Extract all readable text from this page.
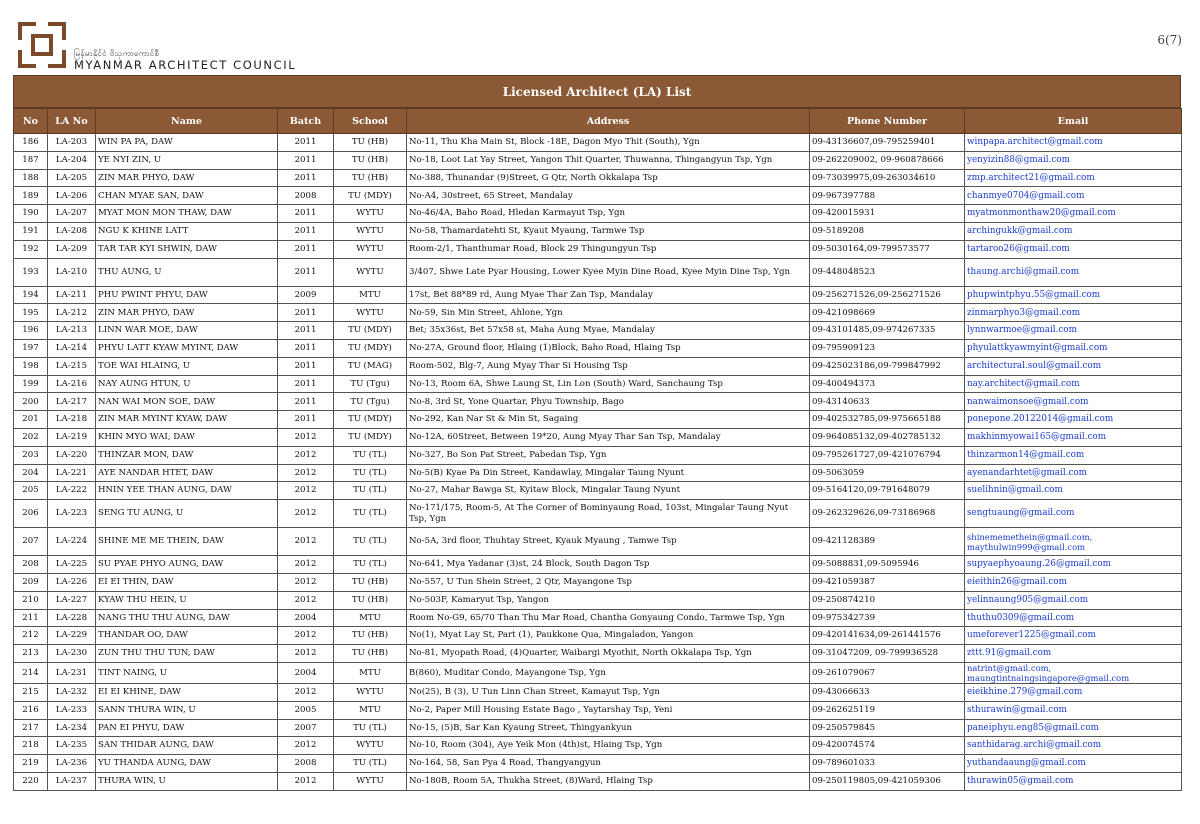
မြန်မာနိုင်ငံ ဗိသုကာကောင်စီ
MYANMAR ARCHITECT COUNCIL
6(7)
Licensed Architect (LA) List
No	LA No	Name	Batch	School	Address	Phone Number	Email
186	LA-203	WIN PA PA, DAW	2011	TU (HB)	No-11, Thu Kha Main St, Block -18E, Dagon Myo Thit (South), Ygn	09-43136607,09-795259401	winpapa.architect@gmail.com
187	LA-204	YE NYI ZIN, U	2011	TU (HB)	No-18, Loot Lat Yay Street, Yangon Thit Quarter, Thuwanna, Thingangyun Tsp, Ygn	09-262209002, 09-960878666	yenyizin88@gmail.com
188	LA-205	ZIN MAR PHYO, DAW	2011	TU (HB)	No-388, Thunandar (9)Street, G Qtr, North Okkalapa Tsp	09-73039975,09-263034610	zmp.architect21@gmail.com
189	LA-206	CHAN MYAE SAN, DAW	2008	TU (MDY)	No-A4, 30street, 65 Street, Mandalay	09-967397788	chanmye0704@gmail.com
190	LA-207	MYAT MON MON THAW, DAW	2011	WYTU	No-46/4A, Baho Road, Hledan Karmayut Tsp, Ygn	09-420015931	myatmonmonthaw20@gmail.com
191	LA-208	NGU K KHINE LATT	2011	WYTU	No-58, Thamardatehti St, Kyaut Myaung, Tarmwe Tsp	09-5189208	archingukk@gmail.com
192	LA-209	TAR TAR KYI SHWIN, DAW	2011	WYTU	Room-2/1, Thanthumar Road, Block 29 Thingungyun Tsp	09-5030164,09-799573577	tartaroo26@gmail.com
193	LA-210	THU AUNG, U	2011	WYTU	3/407, Shwe Late Pyar Housing, Lower Kyee Myin Dine Road, Kyee Myin Dine Tsp, Ygn	09-448048523	thaung.archi@gmail.com
194	LA-211	PHU PWINT PHYU, DAW	2009	MTU	17st, Bet 88*89 rd, Aung Myae Thar Zan Tsp, Mandalay	09-256271526,09-256271526	phupwintphyu.55@gmail.com
195	LA-212	ZIN MAR PHYO, DAW	2011	WYTU	No-59, Sin Min Street, Ahlone, Ygn	09-421098669	zinmarphyo3@gmail.com
196	LA-213	LINN WAR MOE, DAW	2011	TU (MDY)	Bet; 35x36st, Bet 57x58 st, Maha Aung Myae, Mandalay	09-43101485,09-974267335	lynnwarmoe@gmail.com
197	LA-214	PHYU LATT KYAW MYINT, DAW	2011	TU (MDY)	No-27A, Ground floor, Hlaing (1)Block, Baho Road, Hlaing Tsp	09-795909123	phyulattkyawmyint@gmail.com
198	LA-215	TOE WAI HLAING, U	2011	TU (MAG)	Room-502, Blg-7, Aung Myay Thar Si Housing Tsp	09-425023186,09-799847992	architectural.soul@gmail.com
199	LA-216	NAY AUNG HTUN, U	2011	TU (Tgu)	No-13, Room 6A, Shwe Laung St, Lin Lon (South) Ward, Sanchaung Tsp	09-400494373	nay.architect@gmail.com
200	LA-217	NAN WAI MON SOE, DAW	2011	TU (Tgu)	No-8, 3rd St, Yone Quartar, Phyu Township, Bago	09-43140633	nanwaimonsoe@gmail.com
201	LA-218	ZIN MAR MYINT KYAW, DAW	2011	TU (MDY)	No-292, Kan Nar St & Min St, Sagaing	09-402532785,09-975665188	ponepone.20122014@gmail.com
202	LA-219	KHIN MYO WAI, DAW	2012	TU (MDY)	No-12A, 60Street, Between 19*20, Aung Myay Thar San Tsp, Mandalay	09-964085132,09-402785132	makhinmyowai165@gmail.com
203	LA-220	THINZAR MON, DAW	2012	TU (TL)	No-327, Bo Son Pat Street, Pabedan Tsp, Ygn	09-795261727,09-421076794	thinzarmon14@gmail.com
204	LA-221	AYE NANDAR HTET, DAW	2012	TU (TL)	No-5(B) Kyae Pa Din Street, Kandawlay, Mingalar Taung Nyunt	09-5063059	ayenandarhtet@gmail.com
205	LA-222	HNIN YEE THAN AUNG, DAW	2012	TU (TL)	No-27, Mahar Bawga St, Kyitaw Block, Mingalar Taung Nyunt	09-5164120,09-791648079	suelihnin@gmail.com
206	LA-223	SENG TU AUNG, U	2012	TU (TL)	No-171/175, Room-5, At The Corner of Bominyaung Road, 103st, Mingalar Taung Nyut Tsp, Ygn	09-262329626,09-73186968	sengtuaung@gmail.com
207	LA-224	SHINE ME ME THEIN, DAW	2012	TU (TL)	No-5A, 3rd floor, Thuhtay Street, Kyauk Myaung , Tamwe Tsp	09-421128389	shinememethein@gmail.com, maythulwin999@gmail.com
208	LA-225	SU PYAE PHYO AUNG, DAW	2012	TU (TL)	No-641, Mya Yadanar (3)st, 24 Block, South Dagon Tsp	09-5088831,09-5095946	supyaephyoaung.26@gmail.com
209	LA-226	EI EI THIN, DAW	2012	TU (HB)	No-557, U Tun Shein Street, 2 Qtr, Mayangone Tsp	09-421059387	eieithin26@gmail.com
210	LA-227	KYAW THU HEIN, U	2012	TU (HB)	No-503F, Kamaryut Tsp, Yangon	09-250874210	yelinnaung905@gmail.com
211	LA-228	NANG THU THU AUNG, DAW	2004	MTU	Room No-G9, 65/70 Than Thu Mar Road, Chantha Gonyaung Condo, Tarmwe Tsp, Ygn	09-975342739	thuthu0309@gmail.com
212	LA-229	THANDAR OO, DAW	2012	TU (HB)	No(1), Myat Lay St, Part (1), Paukkone Qua, Mingaladon, Yangon	09-420141634,09-261441576	umeforever1225@gmail.com
213	LA-230	ZUN THU THU TUN, DAW	2012	TU (HB)	No-81, Myopath Road, (4)Quarter, Waibargi Myothit, North Okkalapa Tsp, Ygn	09-31047209, 09-799936528	zttt.91@gmail.com
214	LA-231	TINT NAING, U	2004	MTU	B(860), Muditar Condo, Mayangone Tsp, Ygn	09-261079067	natrint@gmail.com, maungtintnaingsingapore@gmail.com
215	LA-232	EI EI KHINE, DAW	2012	WYTU	No(25), B (3), U Tun Linn Chan Street, Kamayut Tsp, Ygn	09-43066633	eieikhine.279@gmail.com
216	LA-233	SANN THURA WIN, U	2005	MTU	No-2, Paper Mill Housing Estate Bago , Yaytarshay Tsp, Yeni	09-262625119	sthurawin@gmail.com
217	LA-234	PAN EI PHYU, DAW	2007	TU (TL)	No-15, (5)B, Sar Kan Kyaung Street, Thingyankyun	09-250579845	paneiphyu.eng85@gmail.com
218	LA-235	SAN THIDAR AUNG, DAW	2012	WYTU	No-10, Room (304), Aye Yeik Mon (4th)st, Hlaing Tsp, Ygn	09-420074574	santhidarag.archi@gmail.com
219	LA-236	YU THANDA AUNG, DAW	2008	TU (TL)	No-164, 58, San Pya 4 Road, Thangyangyun	09-789601033	yuthandaaung@gmail.com
220	LA-237	THURA WIN, U	2012	WYTU	No-180B, Room 5A, Thukha Street, (8)Ward, Hlaing Tsp	09-250119805,09-421059306	thurawin05@gmail.com
